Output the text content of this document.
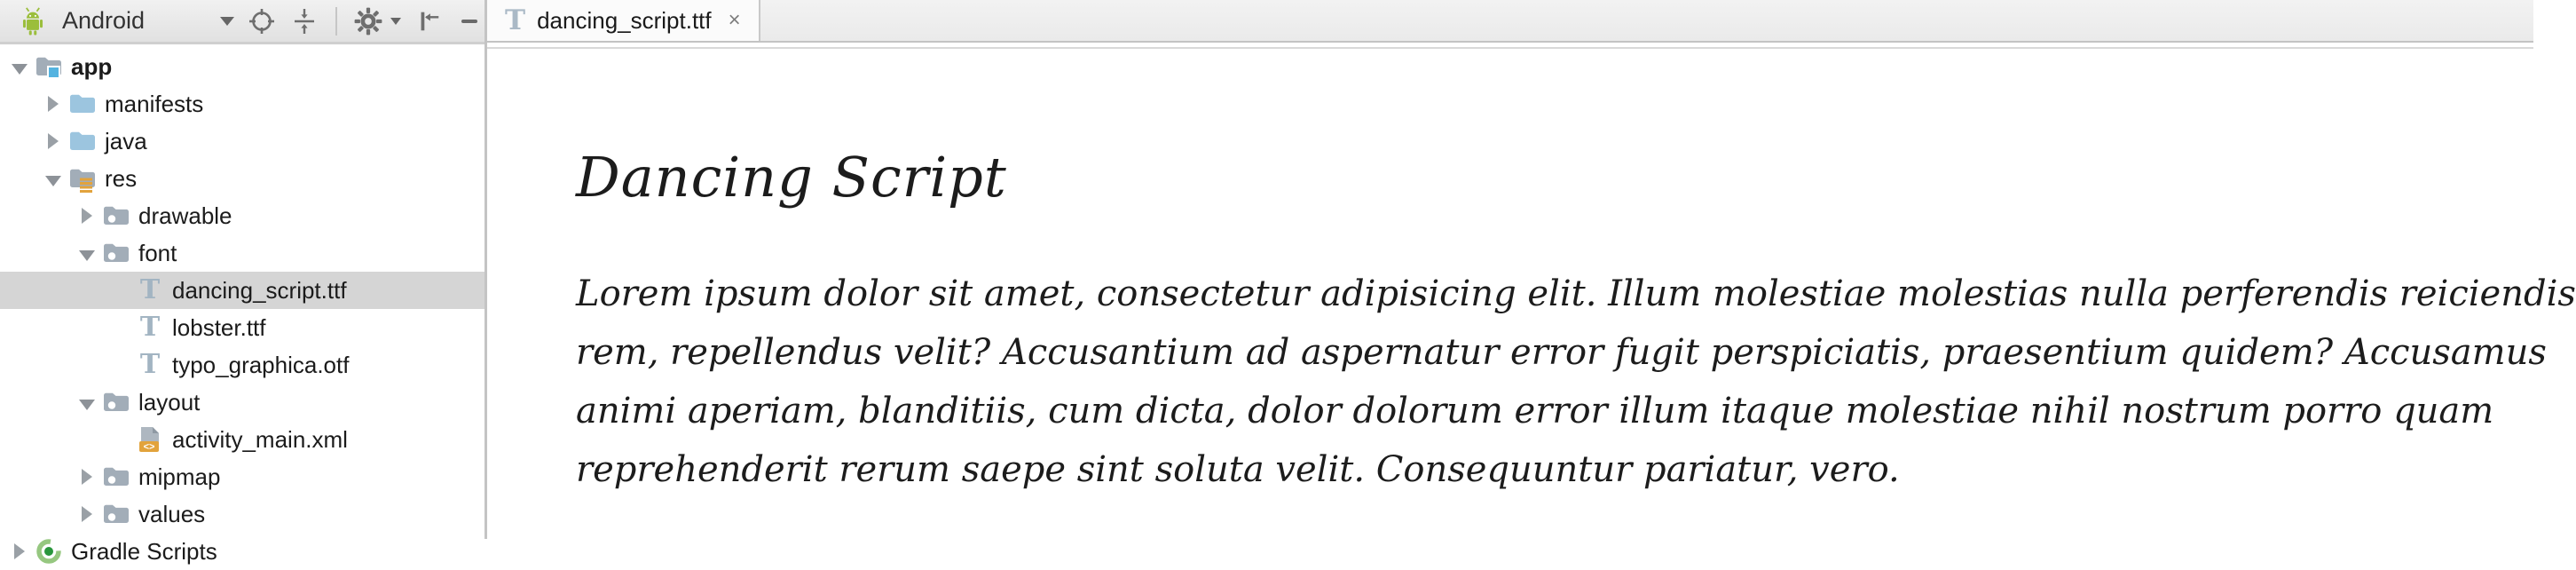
Android
app
manifests
java
res
drawable
font
T dancing_script.ttf
T lobster.ttf
T typo_graphica.otf
layout
<> activity_main.xml
mipmap
values
Gradle Scripts
T dancing_script.ttf ×
Dancing Script
Lorem ipsum dolor sit amet, consectetur adipisicing elit. Illum molestiae molestias nulla perferendis reiciendis
rem, repellendus velit? Accusantium ad aspernatur error fugit perspiciatis, praesentium quidem? Accusamus
animi aperiam, blanditiis, cum dicta, dolor dolorum error illum itaque molestiae nihil nostrum porro quam
reprehenderit rerum saepe sint soluta velit. Consequuntur pariatur, vero.
